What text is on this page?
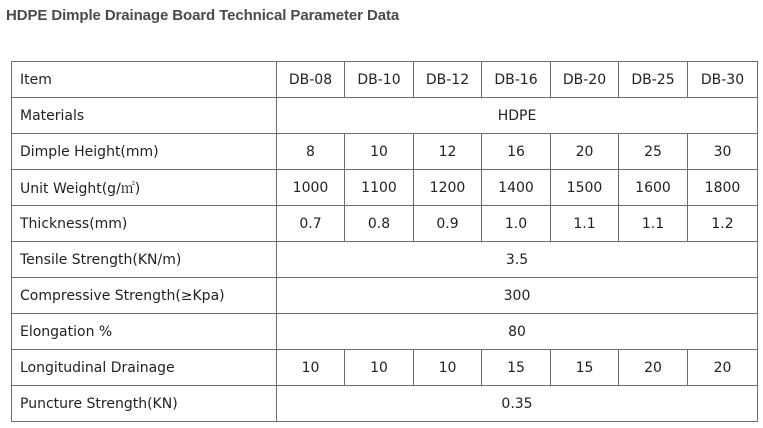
HDPE Dimple Drainage Board Technical Parameter Data
Item	DB-08	DB-10	DB-12	DB-16	DB-20	DB-25	DB-30
Materials	HDPE						
Dimple Height(mm)	8	10	12	16	20	25	30
Unit Weight(g/㎡)	1000	1100	1200	1400	1500	1600	1800
Thickness(mm)	0.7	0.8	0.9	1.0	1.1	1.1	1.2
Tensile Strength(KN/m)	3.5						
Compressive Strength(≥Kpa)	300						
Elongation %	80						
Longitudinal Drainage	10	10	10	15	15	20	20
Puncture Strength(KN)	0.35						
